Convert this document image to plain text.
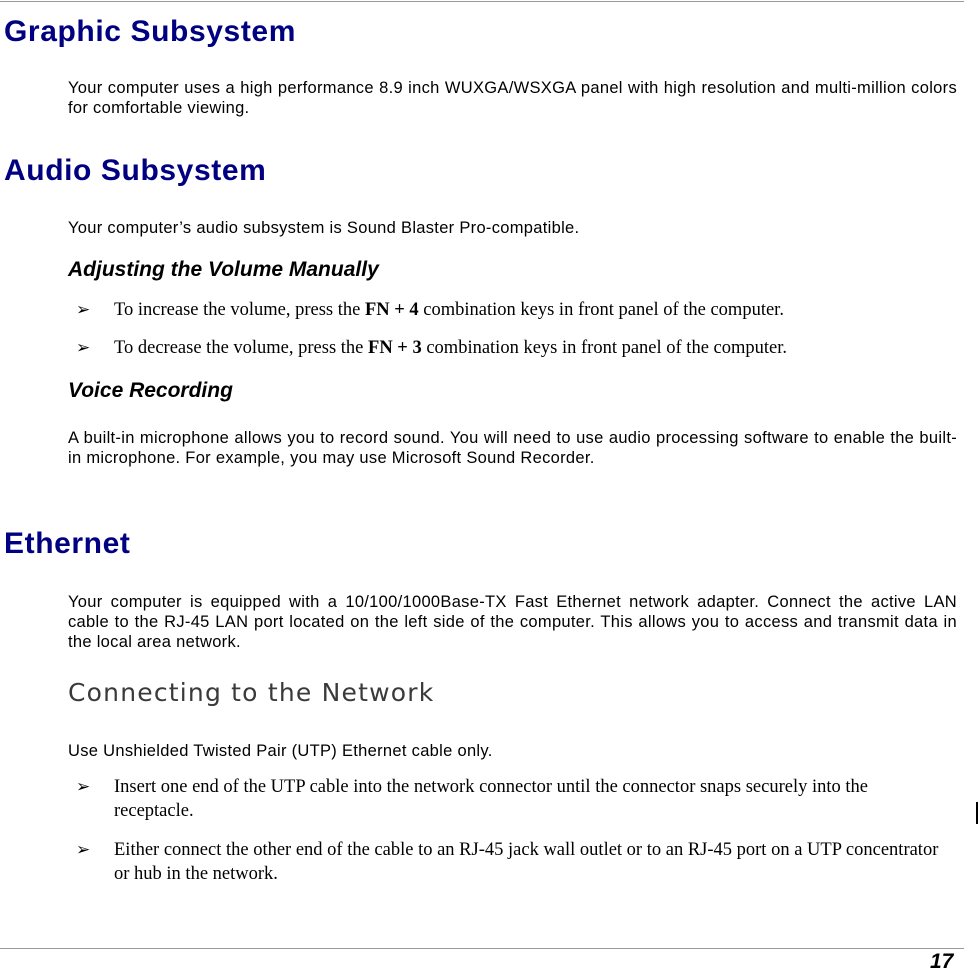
Graphic Subsystem

Your computer uses a high performance 8.9 inch WUXGA/WSXGA panel with high resolution and multi-million colors for comfortable viewing.

Audio Subsystem

Your computer’s audio subsystem is Sound Blaster Pro-compatible.

Adjusting the Volume Manually
➢ To increase the volume, press the FN + 4 combination keys in front panel of the computer.
➢ To decrease the volume, press the FN + 3 combination keys in front panel of the computer.
Voice Recording

A built-in microphone allows you to record sound. You will need to use audio processing software to enable the built-in microphone. For example, you may use Microsoft Sound Recorder.

Ethernet

Your computer is equipped with a 10/100/1000Base-TX Fast Ethernet network adapter. Connect the active LAN cable to the RJ-45 LAN port located on the left side of the computer. This allows you to access and transmit data in the local area network.

Connecting to the Network

Use Unshielded Twisted Pair (UTP) Ethernet cable only.

➢ Insert one end of the UTP cable into the network connector until the connector snaps securely into the receptacle.
➢ Either connect the other end of the cable to an RJ-45 jack wall outlet or to an RJ-45 port on a UTP concentrator or hub in the network.

17
